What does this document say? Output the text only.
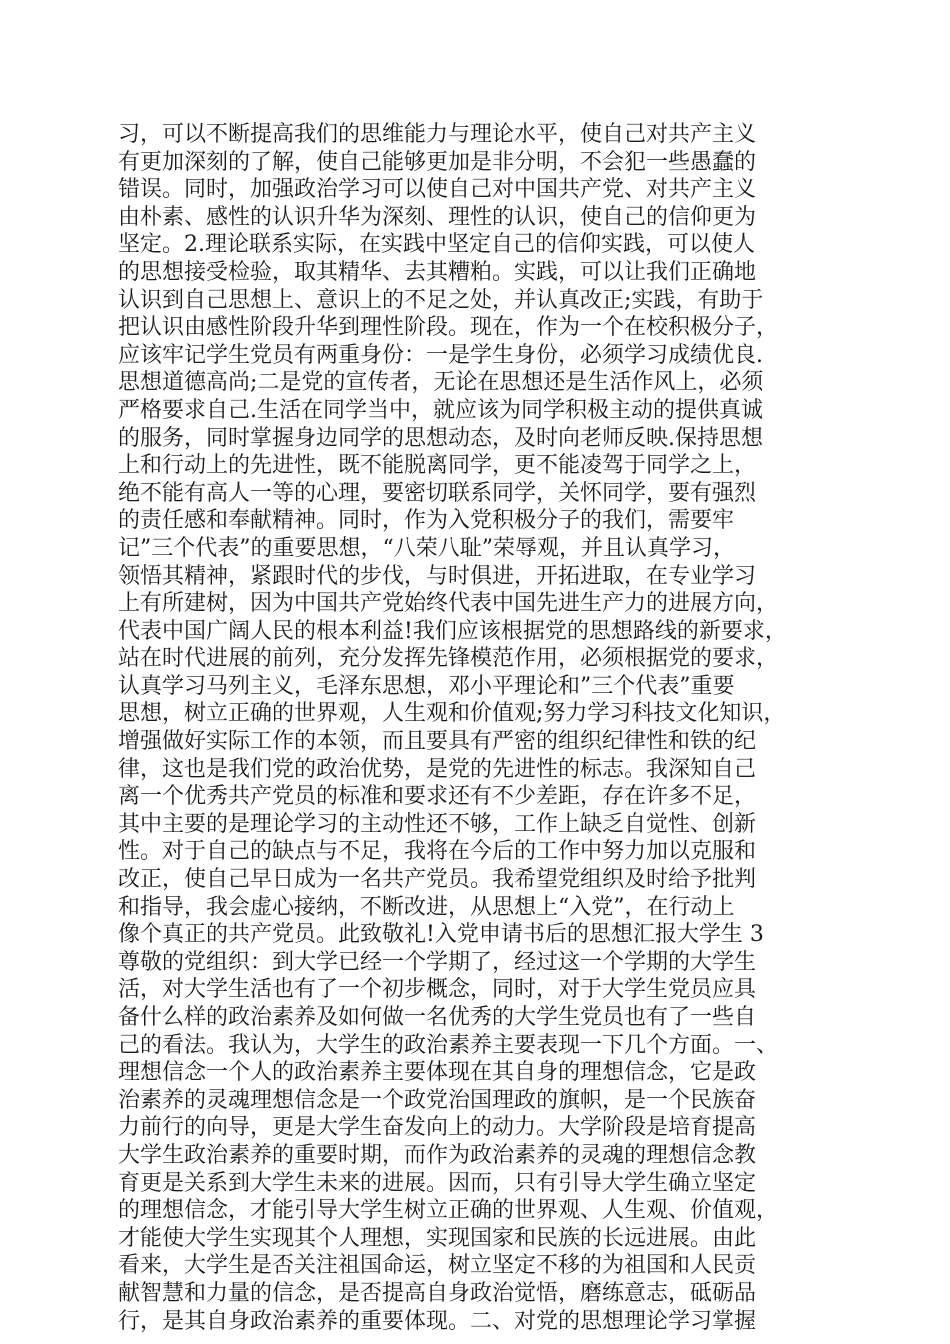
习，可以不断提高我们的思维能力与理论水平，使自己对共产主义
有更加深刻的了解，使自己能够更加是非分明，不会犯一些愚蠢的
错误。同时，加强政治学习可以使自己对中国共产党、对共产主义
由朴素、感性的认识升华为深刻、理性的认识，使自己的信仰更为
坚定。2.理论联系实际，在实践中坚定自己的信仰实践，可以使人
的思想接受检验，取其精华、去其糟粕。实践，可以让我们正确地
认识到自己思想上、意识上的不足之处，并认真改正;实践，有助于
把认识由感性阶段升华到理性阶段。现在，作为一个在校积极分子，
应该牢记学生党员有两重身份：一是学生身份，必须学习成绩优良.
思想道德高尚;二是党的宣传者，无论在思想还是生活作风上，必须
严格要求自己.生活在同学当中，就应该为同学积极主动的提供真诚
的服务，同时掌握身边同学的思想动态，及时向老师反映.保持思想
上和行动上的先进性，既不能脱离同学，更不能凌驾于同学之上，
绝不能有高人一等的心理，要密切联系同学，关怀同学，要有强烈
的责任感和奉献精神。同时，作为入党积极分子的我们，需要牢
记”三个代表”的重要思想，“八荣八耻”荣辱观，并且认真学习，
领悟其精神，紧跟时代的步伐，与时俱进，开拓进取，在专业学习
上有所建树，因为中国共产党始终代表中国先进生产力的进展方向，
代表中国广阔人民的根本利益!我们应该根据党的思想路线的新要求，
站在时代进展的前列，充分发挥先锋模范作用，必须根据党的要求，
认真学习马列主义，毛泽东思想，邓小平理论和”三个代表”重要
思想，树立正确的世界观，人生观和价值观;努力学习科技文化知识，
增强做好实际工作的本领，而且要具有严密的组织纪律性和铁的纪
律，这也是我们党的政治优势，是党的先进性的标志。我深知自己
离一个优秀共产党员的标准和要求还有不少差距，存在许多不足，
其中主要的是理论学习的主动性还不够，工作上缺乏自觉性、创新
性。对于自己的缺点与不足，我将在今后的工作中努力加以克服和
改正，使自己早日成为一名共产党员。我希望党组织及时给予批判
和指导，我会虚心接纳，不断改进，从思想上“入党”，在行动上
像个真正的共产党员。此致敬礼!入党申请书后的思想汇报大学生 3
尊敬的党组织：到大学已经一个学期了，经过这一个学期的大学生
活，对大学生活也有了一个初步概念，同时，对于大学生党员应具
备什么样的政治素养及如何做一名优秀的大学生党员也有了一些自
己的看法。我认为，大学生的政治素养主要表现一下几个方面。一、
理想信念一个人的政治素养主要体现在其自身的理想信念，它是政
治素养的灵魂理想信念是一个政党治国理政的旗帜，是一个民族奋
力前行的向导，更是大学生奋发向上的动力。大学阶段是培育提高
大学生政治素养的重要时期，而作为政治素养的灵魂的理想信念教
育更是关系到大学生未来的进展。因而，只有引导大学生确立坚定
的理想信念，才能引导大学生树立正确的世界观、人生观、价值观，
才能使大学生实现其个人理想，实现国家和民族的长远进展。由此
看来，大学生是否关注祖国命运，树立坚定不移的为祖国和人民贡
献智慧和力量的信念，是否提高自身政治觉悟，磨练意志，砥砺品
行，是其自身政治素养的重要体现。二、对党的思想理论学习掌握
